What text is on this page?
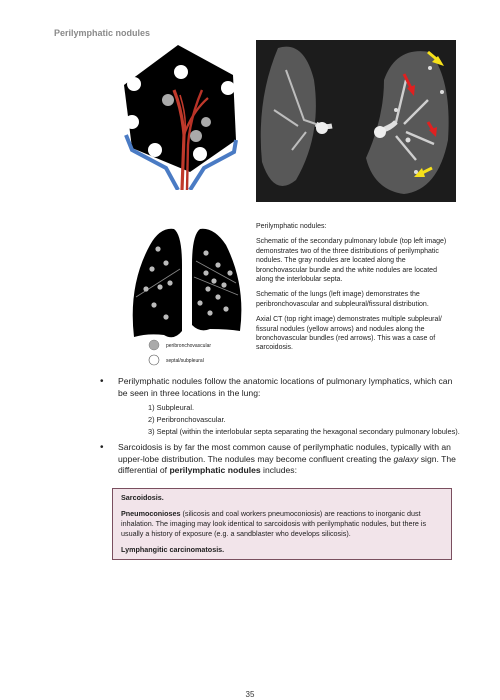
Perilymphatic nodules
peribronchovascular
septal/subpleural

Perilymphatic nodules:

Schematic of the secondary pulmonary lobule (top left image) demonstrates two of the three distributions of perilymphatic nodules. The gray nodules are located along the bronchovascular bundle and the white nodules are located along the interlobular septa.

Schematic of the lungs (left image) demonstrates the peribronchovascular and subpleural/fissural distribution.

Axial CT (top right image) demonstrates multiple subpleural/ fissural nodules (yellow arrows) and nodules along the bronchovascular bundles (red arrows). This was a case of sarcoidosis.

• Perilymphatic nodules follow the anatomic locations of pulmonary lymphatics, which can be seen in three locations in the lung:
1) Subpleural.
2) Peribronchovascular.
3) Septal (within the interlobular septa separating the hexagonal secondary pulmonary lobules).
• Sarcoidosis is by far the most common cause of perilymphatic nodules, typically with an upper-lobe distribution. The nodules may become confluent creating the galaxy sign. The differential of perilymphatic nodules includes:

Sarcoidosis.

Pneumoconioses (silicosis and coal workers pneumoconiosis) are reactions to inorganic dust inhalation. The imaging may look identical to sarcoidosis with perilymphatic nodules, but there is usually a history of exposure (e.g. a sandblaster who develops silicosis).

Lymphangitic carcinomatosis.

35
